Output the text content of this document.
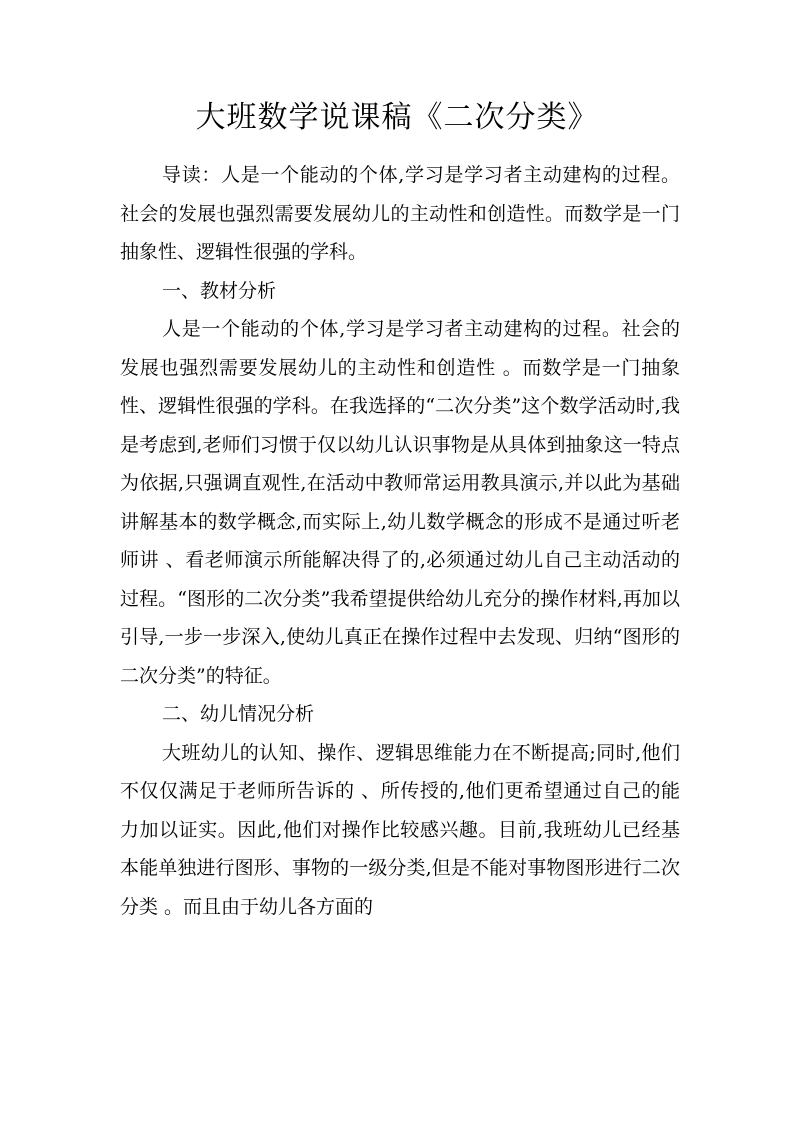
大班数学说课稿《二次分类》

导读：人是一个能动的个体,学习是学习者主动建构的过程。社会的发展也强烈需要发展幼儿的主动性和创造性。而数学是一门抽象性、逻辑性很强的学科。

一、教材分析

人是一个能动的个体,学习是学习者主动建构的过程。社会的发展也强烈需要发展幼儿的主动性和创造性 。而数学是一门抽象性、逻辑性很强的学科。在我选择的“二次分类”这个数学活动时,我是考虑到,老师们习惯于仅以幼儿认识事物是从具体到抽象这一特点为依据,只强调直观性,在活动中教师常运用教具演示,并以此为基础讲解基本的数学概念,而实际上,幼儿数学概念的形成不是通过听老师讲 、看老师演示所能解决得了的,必须通过幼儿自己主动活动的过程。“图形的二次分类”我希望提供给幼儿充分的操作材料,再加以引导,一步一步深入,使幼儿真正在操作过程中去发现、归纳“图形的二次分类”的特征。

二、幼儿情况分析

大班幼儿的认知、操作、逻辑思维能力在不断提高;同时,他们不仅仅满足于老师所告诉的 、所传授的,他们更希望通过自己的能力加以证实。因此,他们对操作比较感兴趣。目前,我班幼儿已经基本能单独进行图形、事物的一级分类,但是不能对事物图形进行二次分类 。而且由于幼儿各方面的
